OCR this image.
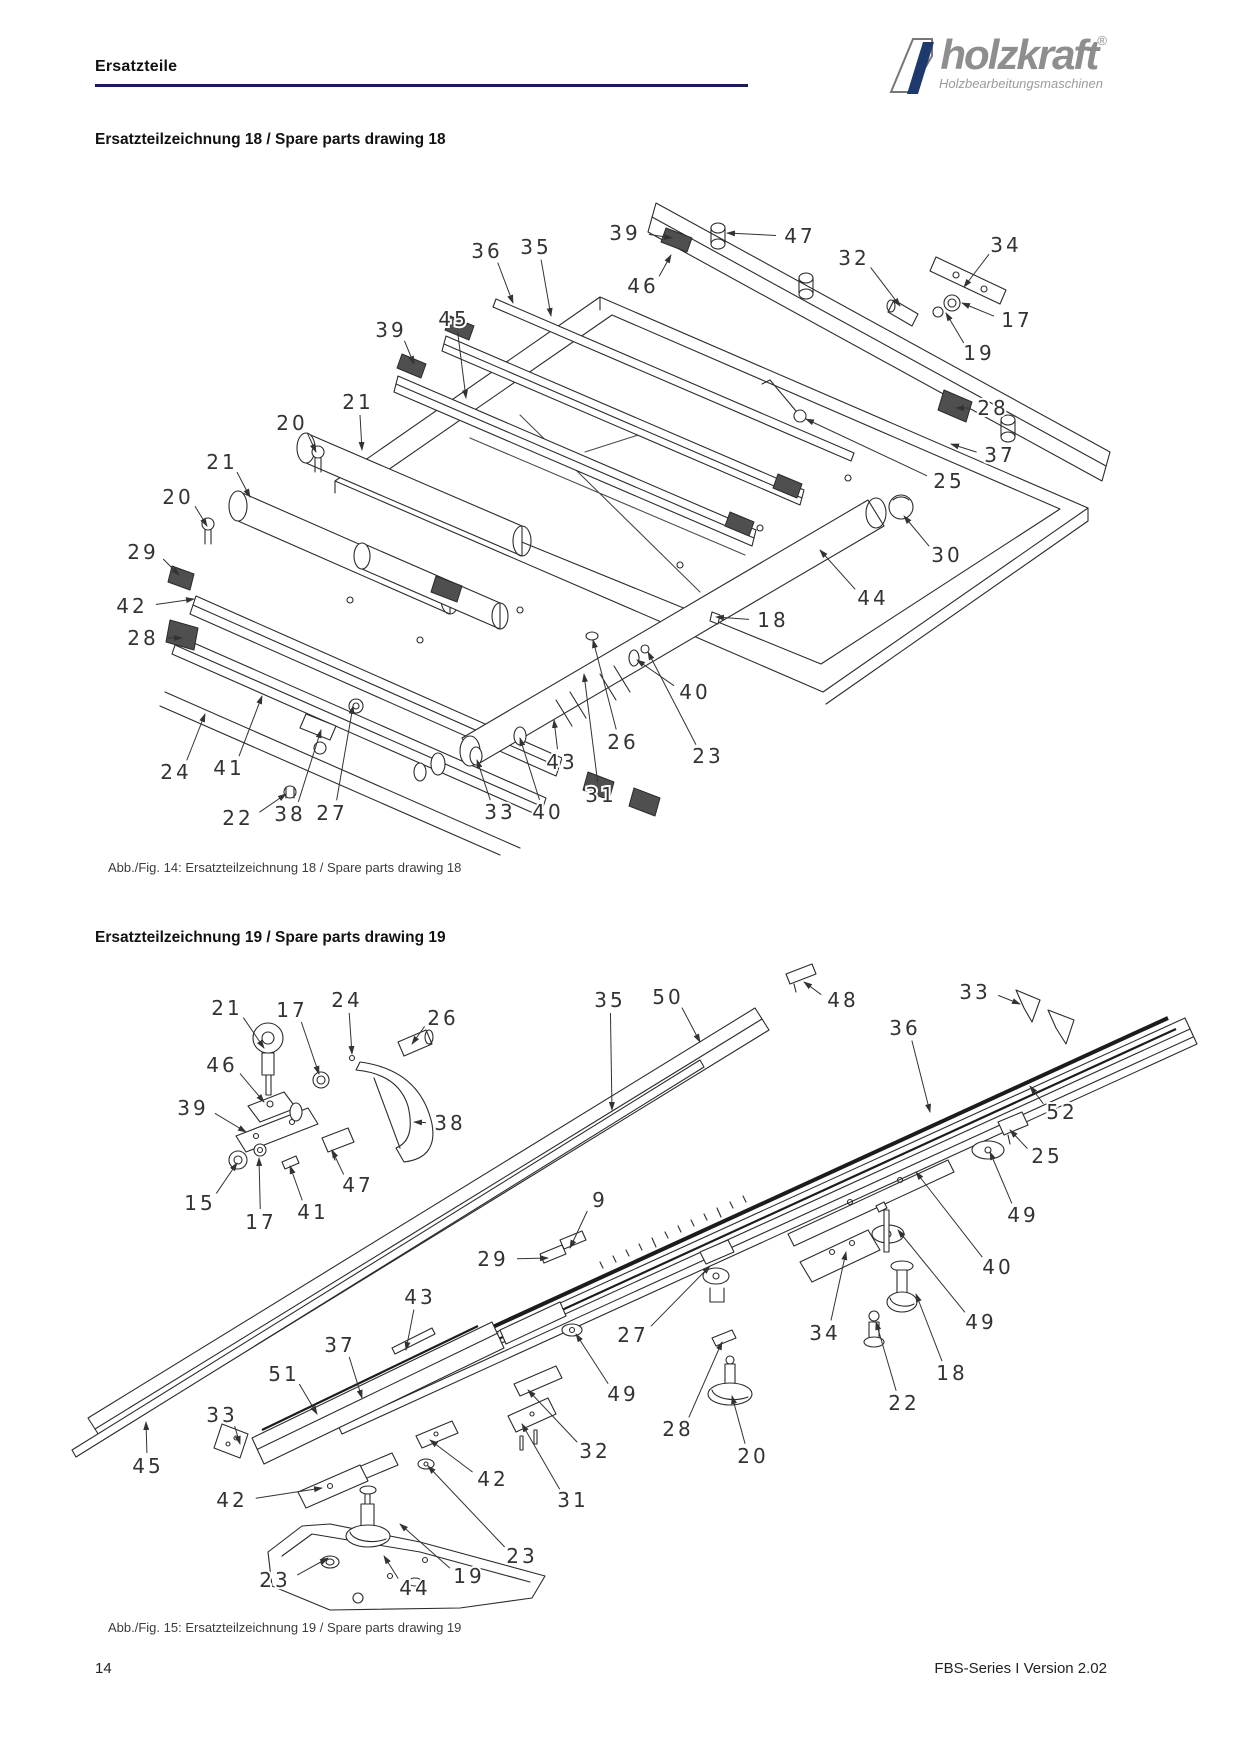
39	47
46
36 35	32
34
17
19
45
39
28
21
20
37
25
21
20
29	30
42	44
28
18
40
24 41
26
43	23
22 38 27	33 40
31
21 17 24
26
46
39
38
15
17 41
47
35 50	48	33
36
52
25
49
40
49
9
29
43
37
51
33
45
42
23	44 19
23
42
31
32
49
27	34
18
22
28
20
Ersatzteile	holzkraft®
Holzbearbeitungsmaschinen
Ersatzteilzeichnung 18 / Spare parts drawing 18
Abb./Fig. 14: Ersatzteilzeichnung 18 / Spare parts drawing 18
Ersatzteilzeichnung 19 / Spare parts drawing 19
Abb./Fig. 15: Ersatzteilzeichnung 19 / Spare parts drawing 19
14	FBS-Series I Version 2.02
